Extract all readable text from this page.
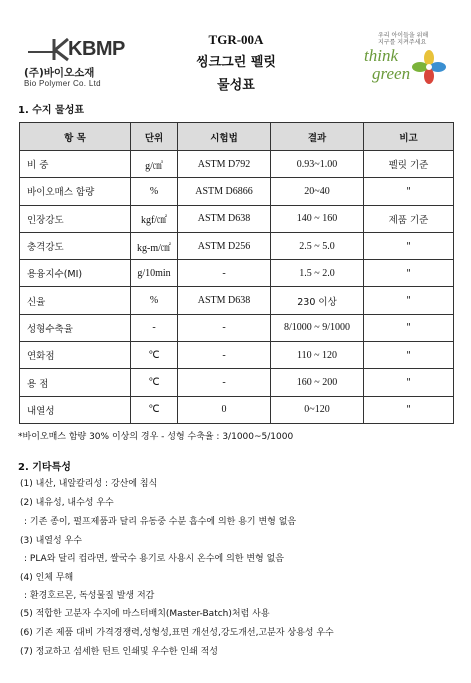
KBMP
(주)바이오소재
Bio Polymer Co. Ltd
TGR-00A
씽크그린 펠릿
물성표
우리 아이들을 위해
지구를 지켜주세요
think
green
1. 수지 물성표
항 목	단위	시험법	결과	비고
비 중	g/㎤	ASTM D792	0.93~1.00	펠릿 기준
바이오매스 함량	%	ASTM D6866	20~40	"
인장강도	kgf/㎠	ASTM D638	140 ~ 160	제품 기준
충격강도	kg-m/㎠	ASTM D256	2.5 ~ 5.0	"
용융지수(MI)	g/10min	-	1.5 ~ 2.0	"
신율	%	ASTM D638	230 이상	"
성형수축율	-	-	8/1000 ~ 9/1000	"
연화점	℃	-	110 ~ 120	"
용 점	℃	-	160 ~ 200	"
내열성	℃	0	0~120	"
*바이오매스 함량 30% 이상의 경우 - 성형 수축율 : 3/1000~5/1000
2. 기타특성
(1) 내산, 내알칼리성 : 강산에 침식
(2) 내유성, 내수성 우수
: 기존 종이, 펄프제품과 달리 유동중 수분 흡수에 의한 용기 변형 없음
(3) 내열성 우수
: PLA와 달리 컵라면, 쌀국수 용기로 사용시 온수에 의한 변형 없음
(4) 인체 무해
: 환경호르몬, 독성물질 발생 저감
(5) 적합한 고분자 수지에 마스터배치(Master-Batch)처럼 사용
(6) 기존 제품 대비 가격경쟁력,성형성,표면 개선성,강도개선,고분자 상용성 우수
(7) 정교하고 섬세한 틴트 인쇄및 우수한 인쇄 적성
